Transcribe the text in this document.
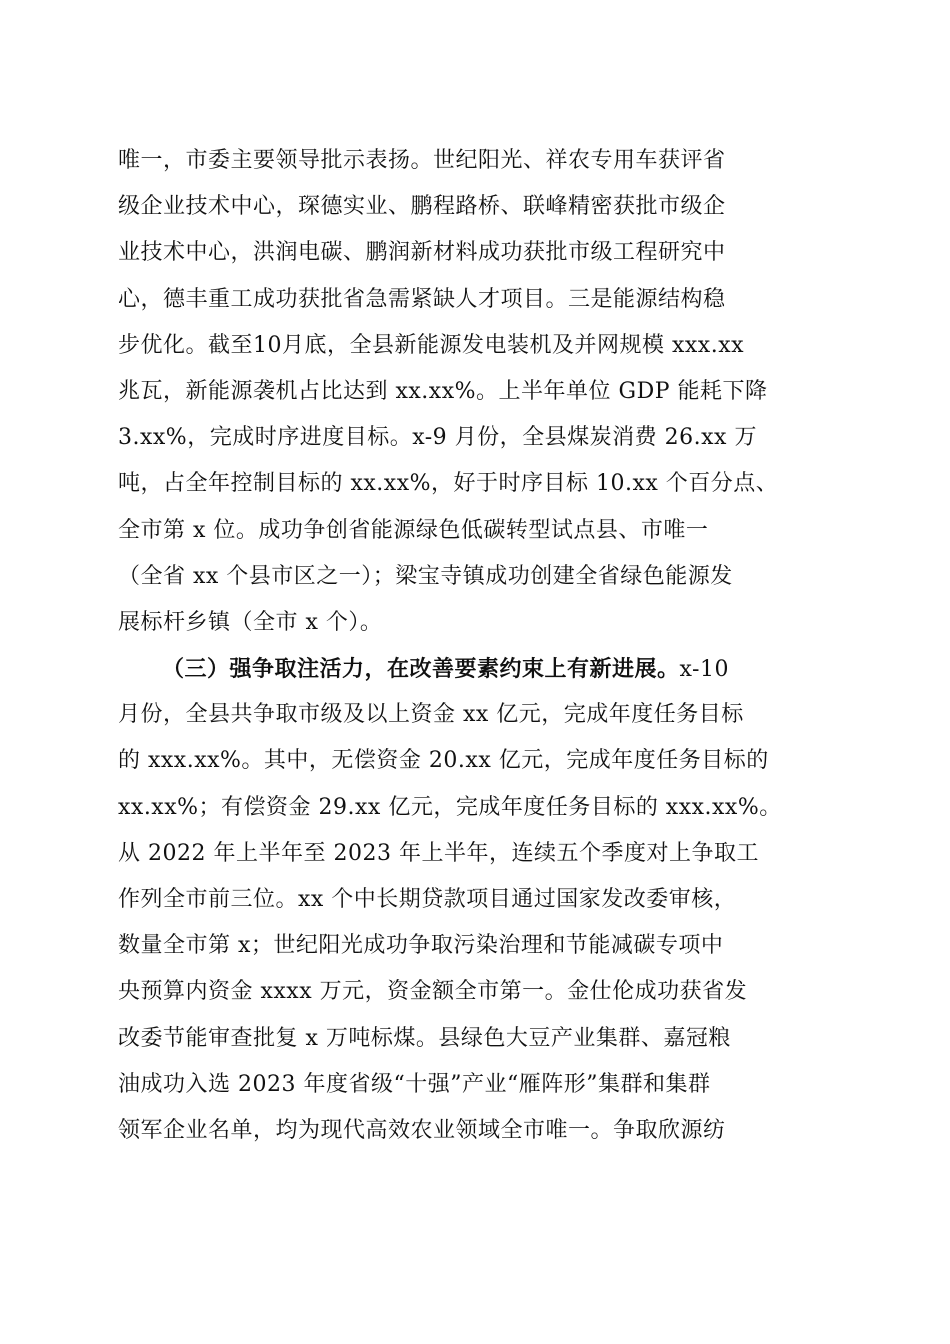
唯一，市委主要领导批示表扬。世纪阳光、祥农专用车获评省
级企业技术中心，琛德实业、鹏程路桥、联峰精密获批市级企
业技术中心，洪润电碳、鹏润新材料成功获批市级工程研究中
心，德丰重工成功获批省急需紧缺人才项目。三是能源结构稳
步优化。截至10月底，全县新能源发电装机及并网规模 xxx.xx
兆瓦，新能源袭机占比达到 xx.xx%。上半年单位 GDP 能耗下降
3.xx%，完成时序进度目标。x-9 月份，全县煤炭消费 26.xx 万
吨，占全年控制目标的 xx.xx%，好于时序目标 10.xx 个百分点、
全市第 x 位。成功争创省能源绿色低碳转型试点县、市唯一
（全省 xx 个县市区之一）；梁宝寺镇成功创建全省绿色能源发
展标杆乡镇（全市 x 个）。
（三）强争取注活力，在改善要素约束上有新进展。x-10
月份，全县共争取市级及以上资金 xx 亿元，完成年度任务目标
的 xxx.xx%。其中，无偿资金 20.xx 亿元，完成年度任务目标的
xx.xx%；有偿资金 29.xx 亿元，完成年度任务目标的 xxx.xx%。
从 2022 年上半年至 2023 年上半年，连续五个季度对上争取工
作列全市前三位。xx 个中长期贷款项目通过国家发改委审核，
数量全市第 x；世纪阳光成功争取污染治理和节能减碳专项中
央预算内资金 xxxx 万元，资金额全市第一。金仕伦成功获省发
改委节能审查批复 x 万吨标煤。县绿色大豆产业集群、嘉冠粮
油成功入选 2023 年度省级“十强”产业“雁阵形”集群和集群
领军企业名单，均为现代高效农业领域全市唯一。争取欣源纺
